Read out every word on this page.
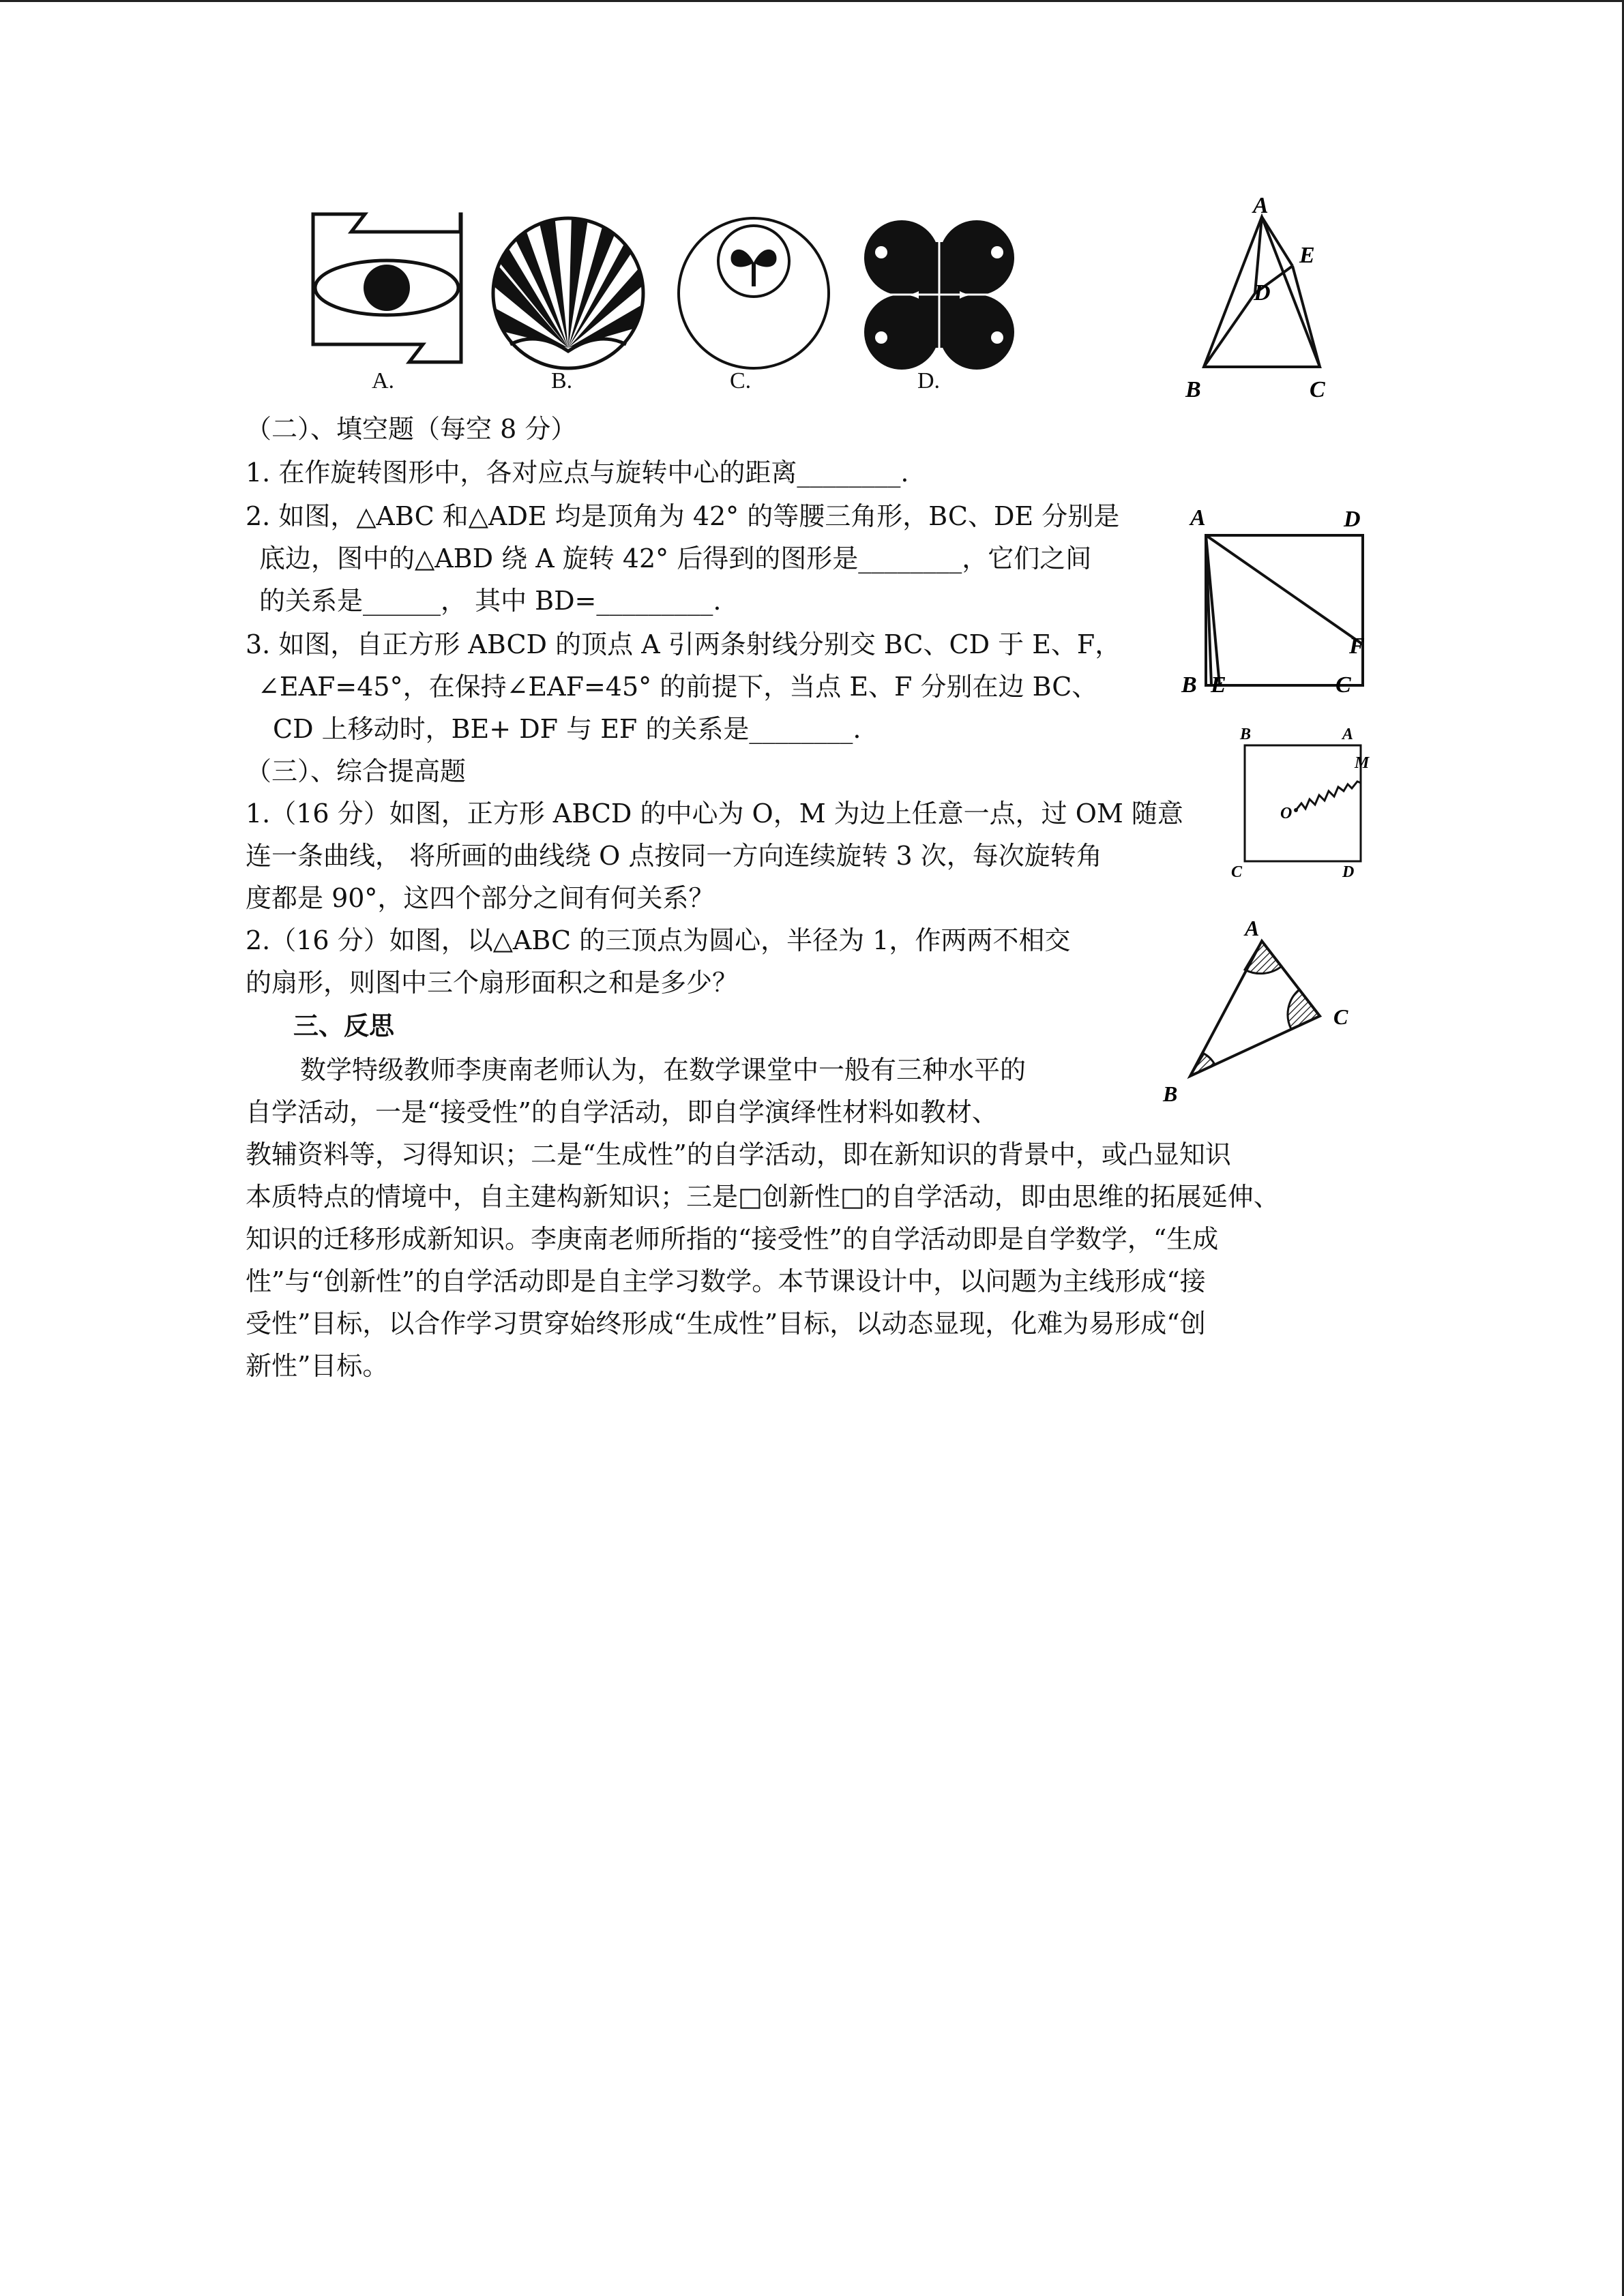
A.	B.	C.	D.
A
E
D
B	C
A	D
F
B E	C
B	A
M
O
C	D
A
C
B
（二）、填空题（每空 8 分）
1. 在作旋转图形中，各对应点与旋转中心的距离________.
2. 如图，△ABC 和△ADE 均是顶角为 42° 的等腰三角形，BC、DE 分别是
底边，图中的△ABD 绕 A 旋转 42° 后得到的图形是________，它们之间
的关系是______， 其中 BD=_________.
3. 如图，自正方形 ABCD 的顶点 A 引两条射线分别交 BC、CD 于 E、F，
∠EAF=45°，在保持∠EAF=45° 的前提下，当点 E、F 分别在边 BC、
CD 上移动时，BE+ DF 与 EF 的关系是________.
（三）、综合提高题
1.（16 分）如图，正方形 ABCD 的中心为 O，M 为边上任意一点，过 OM 随意
连一条曲线， 将所画的曲线绕 O 点按同一方向连续旋转 3 次，每次旋转角
度都是 90°，这四个部分之间有何关系？
2.（16 分）如图，以△ABC 的三顶点为圆心，半径为 1，作两两不相交
的扇形，则图中三个扇形面积之和是多少？
三、反思
数学特级教师李庚南老师认为，在数学课堂中一般有三种水平的
自学活动，一是“接受性”的自学活动，即自学演绎性材料如教材、
教辅资料等，习得知识；二是“生成性”的自学活动，即在新知识的背景中，或凸显知识
本质特点的情境中，自主建构新知识；三是□创新性□的自学活动，即由思维的拓展延伸、
知识的迁移形成新知识。李庚南老师所指的“接受性”的自学活动即是自学数学，“生成
性”与“创新性”的自学活动即是自主学习数学。本节课设计中，以问题为主线形成“接
受性”目标，以合作学习贯穿始终形成“生成性”目标，以动态显现，化难为易形成“创
新性”目标。
